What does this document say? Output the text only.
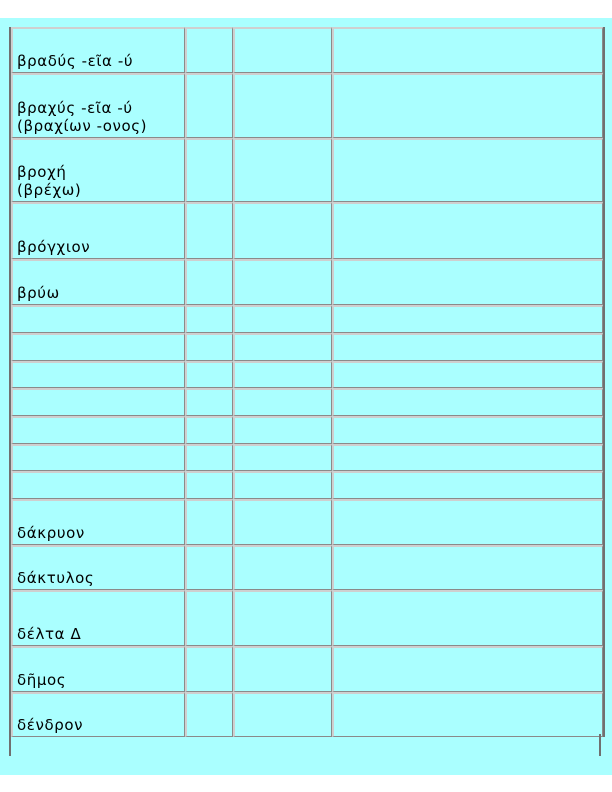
βραδύς -εῖα -ύ			
βραχύς -εῖα -ύ
(βραχίων -ονος)			
βροχή
(βρέχω)			
βρόγχιον			
βρύω			

δάκρυον			
δάκτυλος			
δέλτα Δ			
δῆμος			
δένδρον			
